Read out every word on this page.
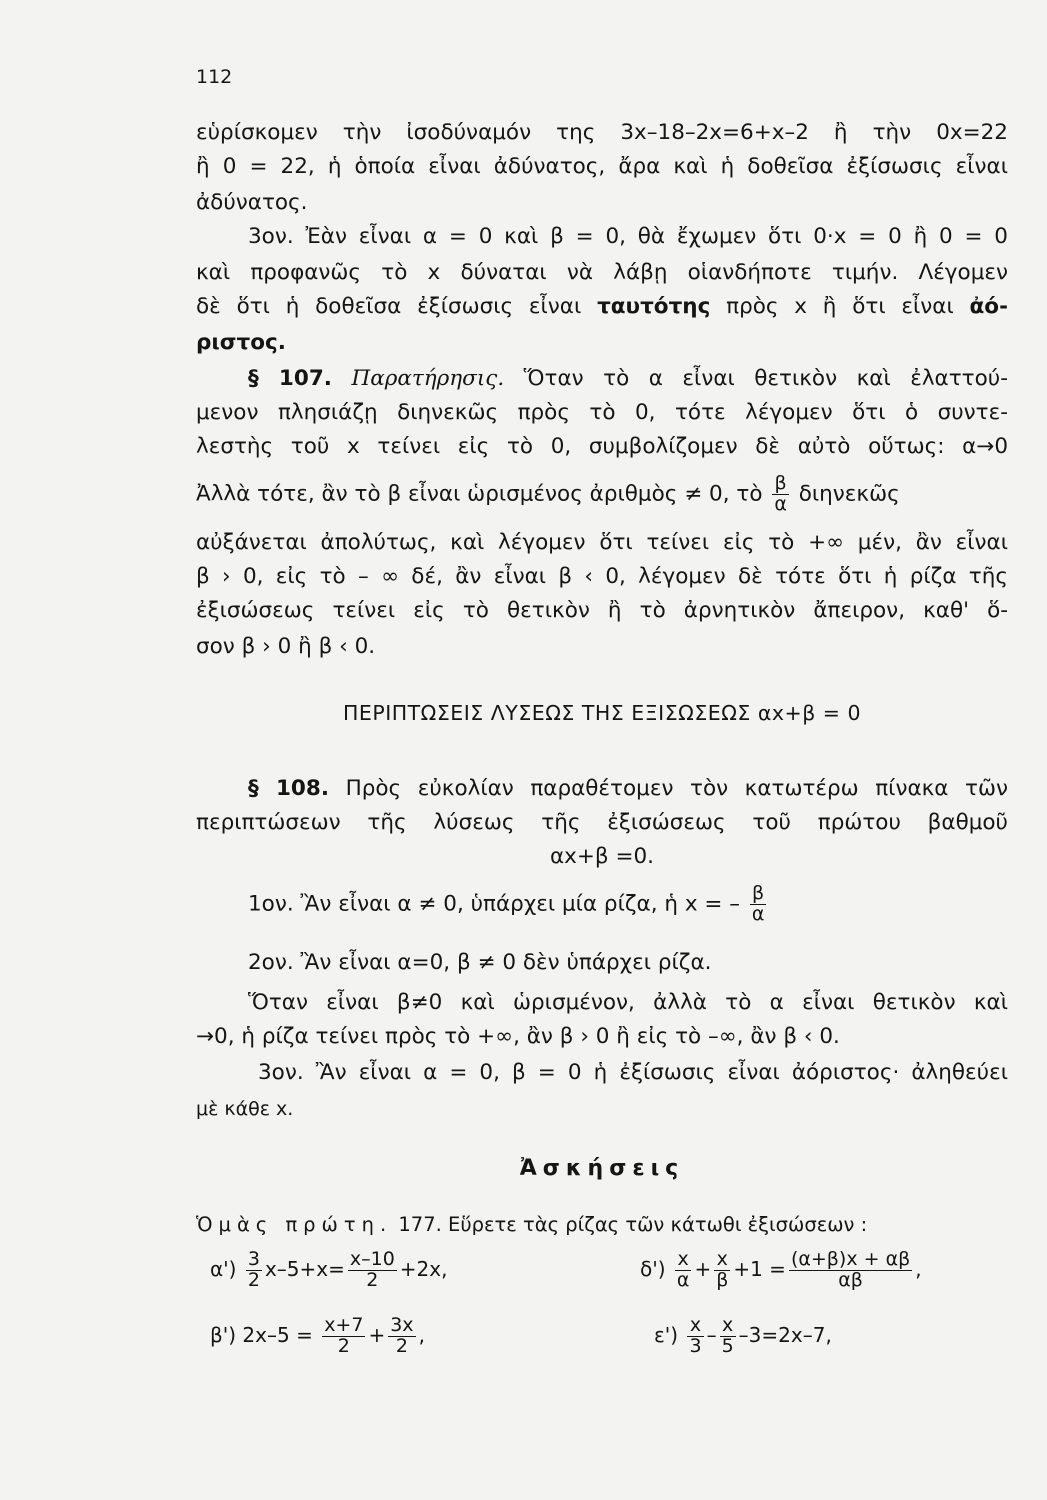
112
εὑρίσκομεν τὴν ἰσοδύναμόν της 3x–18–2x=6+x–2 ἢ τὴν 0x=22
ἢ 0 = 22, ἡ ὁποία εἶναι ἀδύνατος, ἄρα καὶ ἡ δοθεῖσα ἐξίσωσις εἶναι
ἀδύνατος.
3ον. Ἐὰν εἶναι α = 0 καὶ β = 0, θὰ ἔχωμεν ὅτι 0·x = 0 ἢ 0 = 0
καὶ προφανῶς τὸ x δύναται νὰ λάβῃ οἱανδήποτε τιμήν. Λέγομεν
δὲ ὅτι ἡ δοθεῖσα ἐξίσωσις εἶναι ταυτότης πρὸς x ἢ ὅτι εἶναι ἀό-
ριστος.
§ 107. Παρατήρησις. Ὅταν τὸ α εἶναι θετικὸν καὶ ἐλαττού-
μενον πλησιάζῃ διηνεκῶς πρὸς τὸ 0, τότε λέγομεν ὅτι ὁ συντε-
λεστὴς τοῦ x τείνει εἰς τὸ 0, συμβολίζομεν δὲ αὐτὸ οὕτως: α→0
Ἀλλὰ τότε, ἂν τὸ β εἶναι ὡρισμένος ἀριθμὸς ≠ 0, τὸ $\frac{\beta}{\alpha}$ διηνεκῶς
αὐξάνεται ἀπολύτως, καὶ λέγομεν ὅτι τείνει εἰς τὸ +∞ μέν, ἂν εἶναι
β › 0, εἰς τὸ – ∞ δέ, ἂν εἶναι β ‹ 0, λέγομεν δὲ τότε ὅτι ἡ ρίζα τῆς
ἐξισώσεως τείνει εἰς τὸ θετικὸν ἢ τὸ ἀρνητικὸν ἄπειρον, καθ' ὅ-
σον β › 0 ἢ β ‹ 0.
ΠΕΡΙΠΤΩΣΕΙΣ ΛΥΣΕΩΣ ΤΗΣ ΕΞΙΣΩΣΕΩΣ αx+β = 0
§ 108. Πρὸς εὐκολίαν παραθέτομεν τὸν κατωτέρω πίνακα τῶν
περιπτώσεων τῆς λύσεως τῆς ἐξισώσεως τοῦ πρώτου βαθμοῦ
αx+β =0.
1ον. Ἂν εἶναι α ≠ 0, ὑπάρχει μία ρίζα, ἡ x = – $\frac{\beta}{\alpha}$
2ον. Ἂν εἶναι α=0, β ≠ 0 δὲν ὑπάρχει ρίζα.
Ὅταν εἶναι β≠0 καὶ ὡρισμένον, ἀλλὰ τὸ α εἶναι θετικὸν καὶ
→0, ἡ ρίζα τείνει πρὸς τὸ +∞, ἂν β › 0 ἢ εἰς τὸ –∞, ἂν β ‹ 0.
3ον. Ἂν εἶναι α = 0, β = 0 ἡ ἐξίσωσις εἶναι ἀόριστος· ἀληθεύει
μὲ κάθε x.
Ἀσκήσεις
Ὁμὰς πρώτη. 177. Εὕρετε τὰς ρίζας τῶν κάτωθι ἐξισώσεων :
$\alpha') \frac{3}{2} x-5+x= \frac{x-10}{2} +2x$,	$\delta') \frac{x}{\alpha} + \frac{x}{\beta} +1 = \frac{(\alpha+\beta)x + \alpha\beta}{\alpha\beta}$ ,
β') $2x-5 = \frac{x+7}{2} + \frac{3x}{2}$ ,	$\varepsilon') \frac{x}{3} - \frac{x}{5} -3=2x-7$,
